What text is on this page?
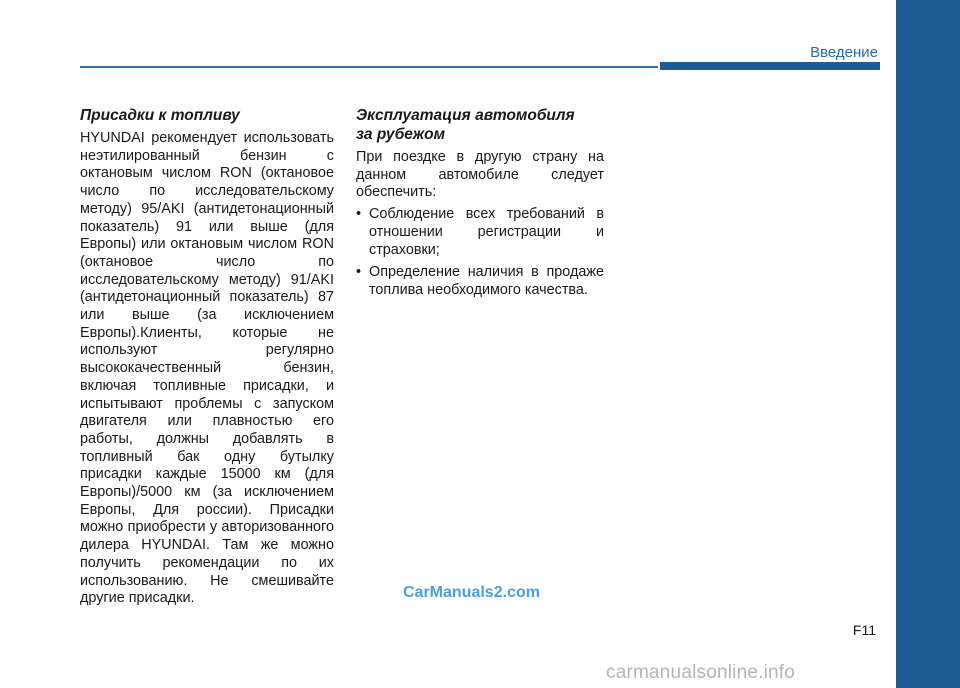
Введение
Присадки к топливу

HYUNDAI рекомендует использовать неэтилированный бензин с октановым числом RON (октановое число по исследовательскому методу) 95/AKI (антидетонационный показатель) 91 или выше (для Европы) или октановым числом RON (октановое число по исследовательскому методу) 91/AKI (антидетонационный показатель) 87 или выше (за исключением Европы).Клиенты, которые не используют регулярно высококачественный бензин, включая топливные присадки, и испытывают проблемы с запуском двигателя или плавностью его работы, должны добавлять в топливный бак одну бутылку присадки каждые 15000 км (для Европы)/5000 км (за исключением Европы, Для россии). Присадки можно приобрести у авторизованного дилера HYUNDAI. Там же можно получить рекомендации по их использованию. Не смешивайте другие присадки.

Эксплуатация автомобиля
за рубежом

При поездке в другую страну на данном автомобиле следует обеспечить:

• Соблюдение всех требований в отношении регистрации и страховки;
• Определение наличия в продаже топлива необходимого качества.
CarManuals2.com
F11
carmanualsonline.info
